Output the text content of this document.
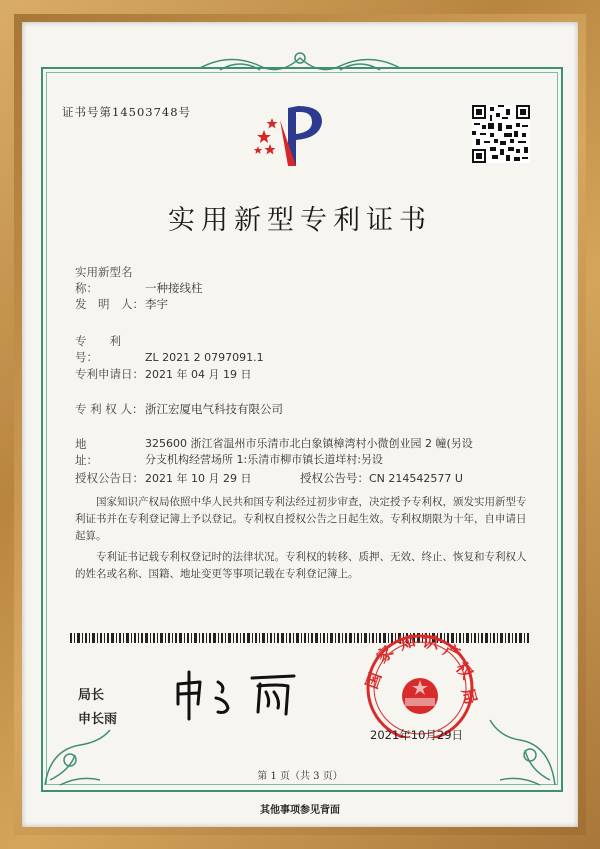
证书号第14503748号
实用新型专利证书
实用新型名称：	一种接线柱
发　明　人：李宇
专　　利　号：	ZL 2021 2 0797091.1
专利申请日：2021 年 04 月 19 日
专 利 权 人： 浙江宏厦电气科技有限公司
地　　　　址：
325600 浙江省温州市乐清市北白象镇樟湾村小微创业园 2 幢(另设分支机构经营场所 1:乐清市柳市镇长道垟村:另设
授权公告日：2021 年 10 月 29 日	授权公告号：CN 214542577 U
国家知识产权局依照中华人民共和国专利法经过初步审查，决定授予专利权，颁发实用新型专利证书并在专利登记簿上予以登记。专利权自授权公告之日起生效。专利权期限为十年，自申请日起算。
专利证书记载专利权登记时的法律状况。专利权的转移、质押、无效、终止、恢复和专利权人的姓名或名称、国籍、地址变更等事项记载在专利登记簿上。
局长
申长雨
国
家 知 识 产
权
局
2021年10月29日
第 1 页（共 3 页）
其他事项参见背面
